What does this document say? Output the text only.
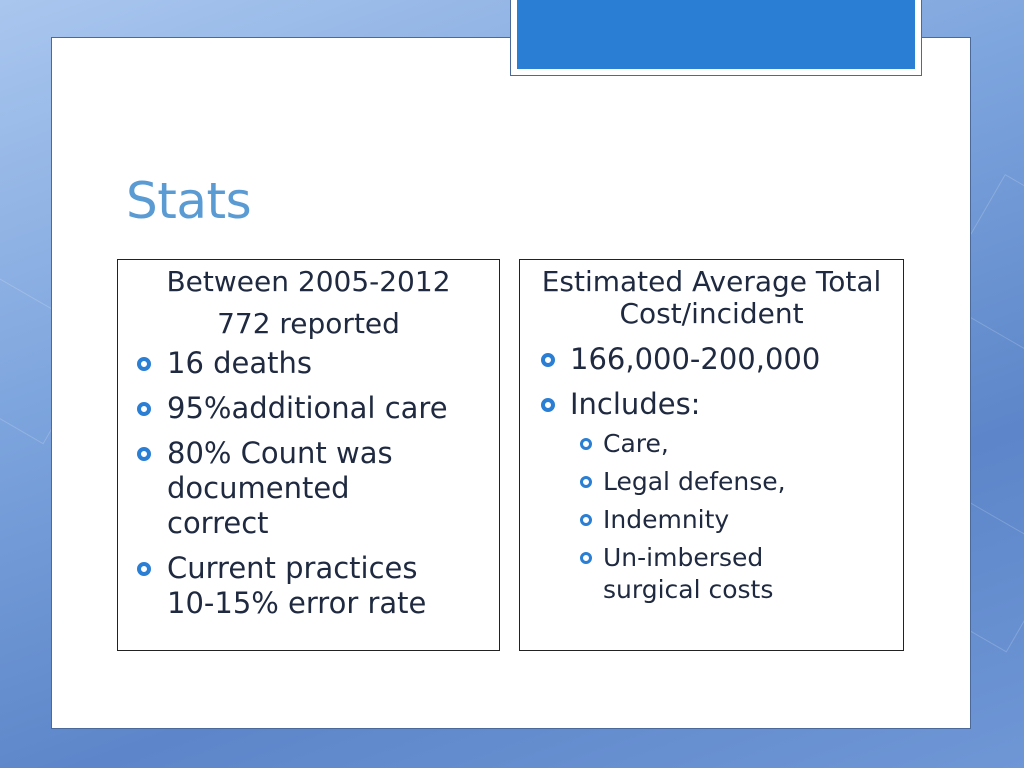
Stats

Between 2005-2012

772 reported

16 deaths
95%additional care
80% Count was documented correct
Current practices 10-15% error rate

Estimated Average Total Cost/incident

166,000-200,000
Includes:
Care,
Legal defense,
Indemnity
Un-imbersed surgical costs
